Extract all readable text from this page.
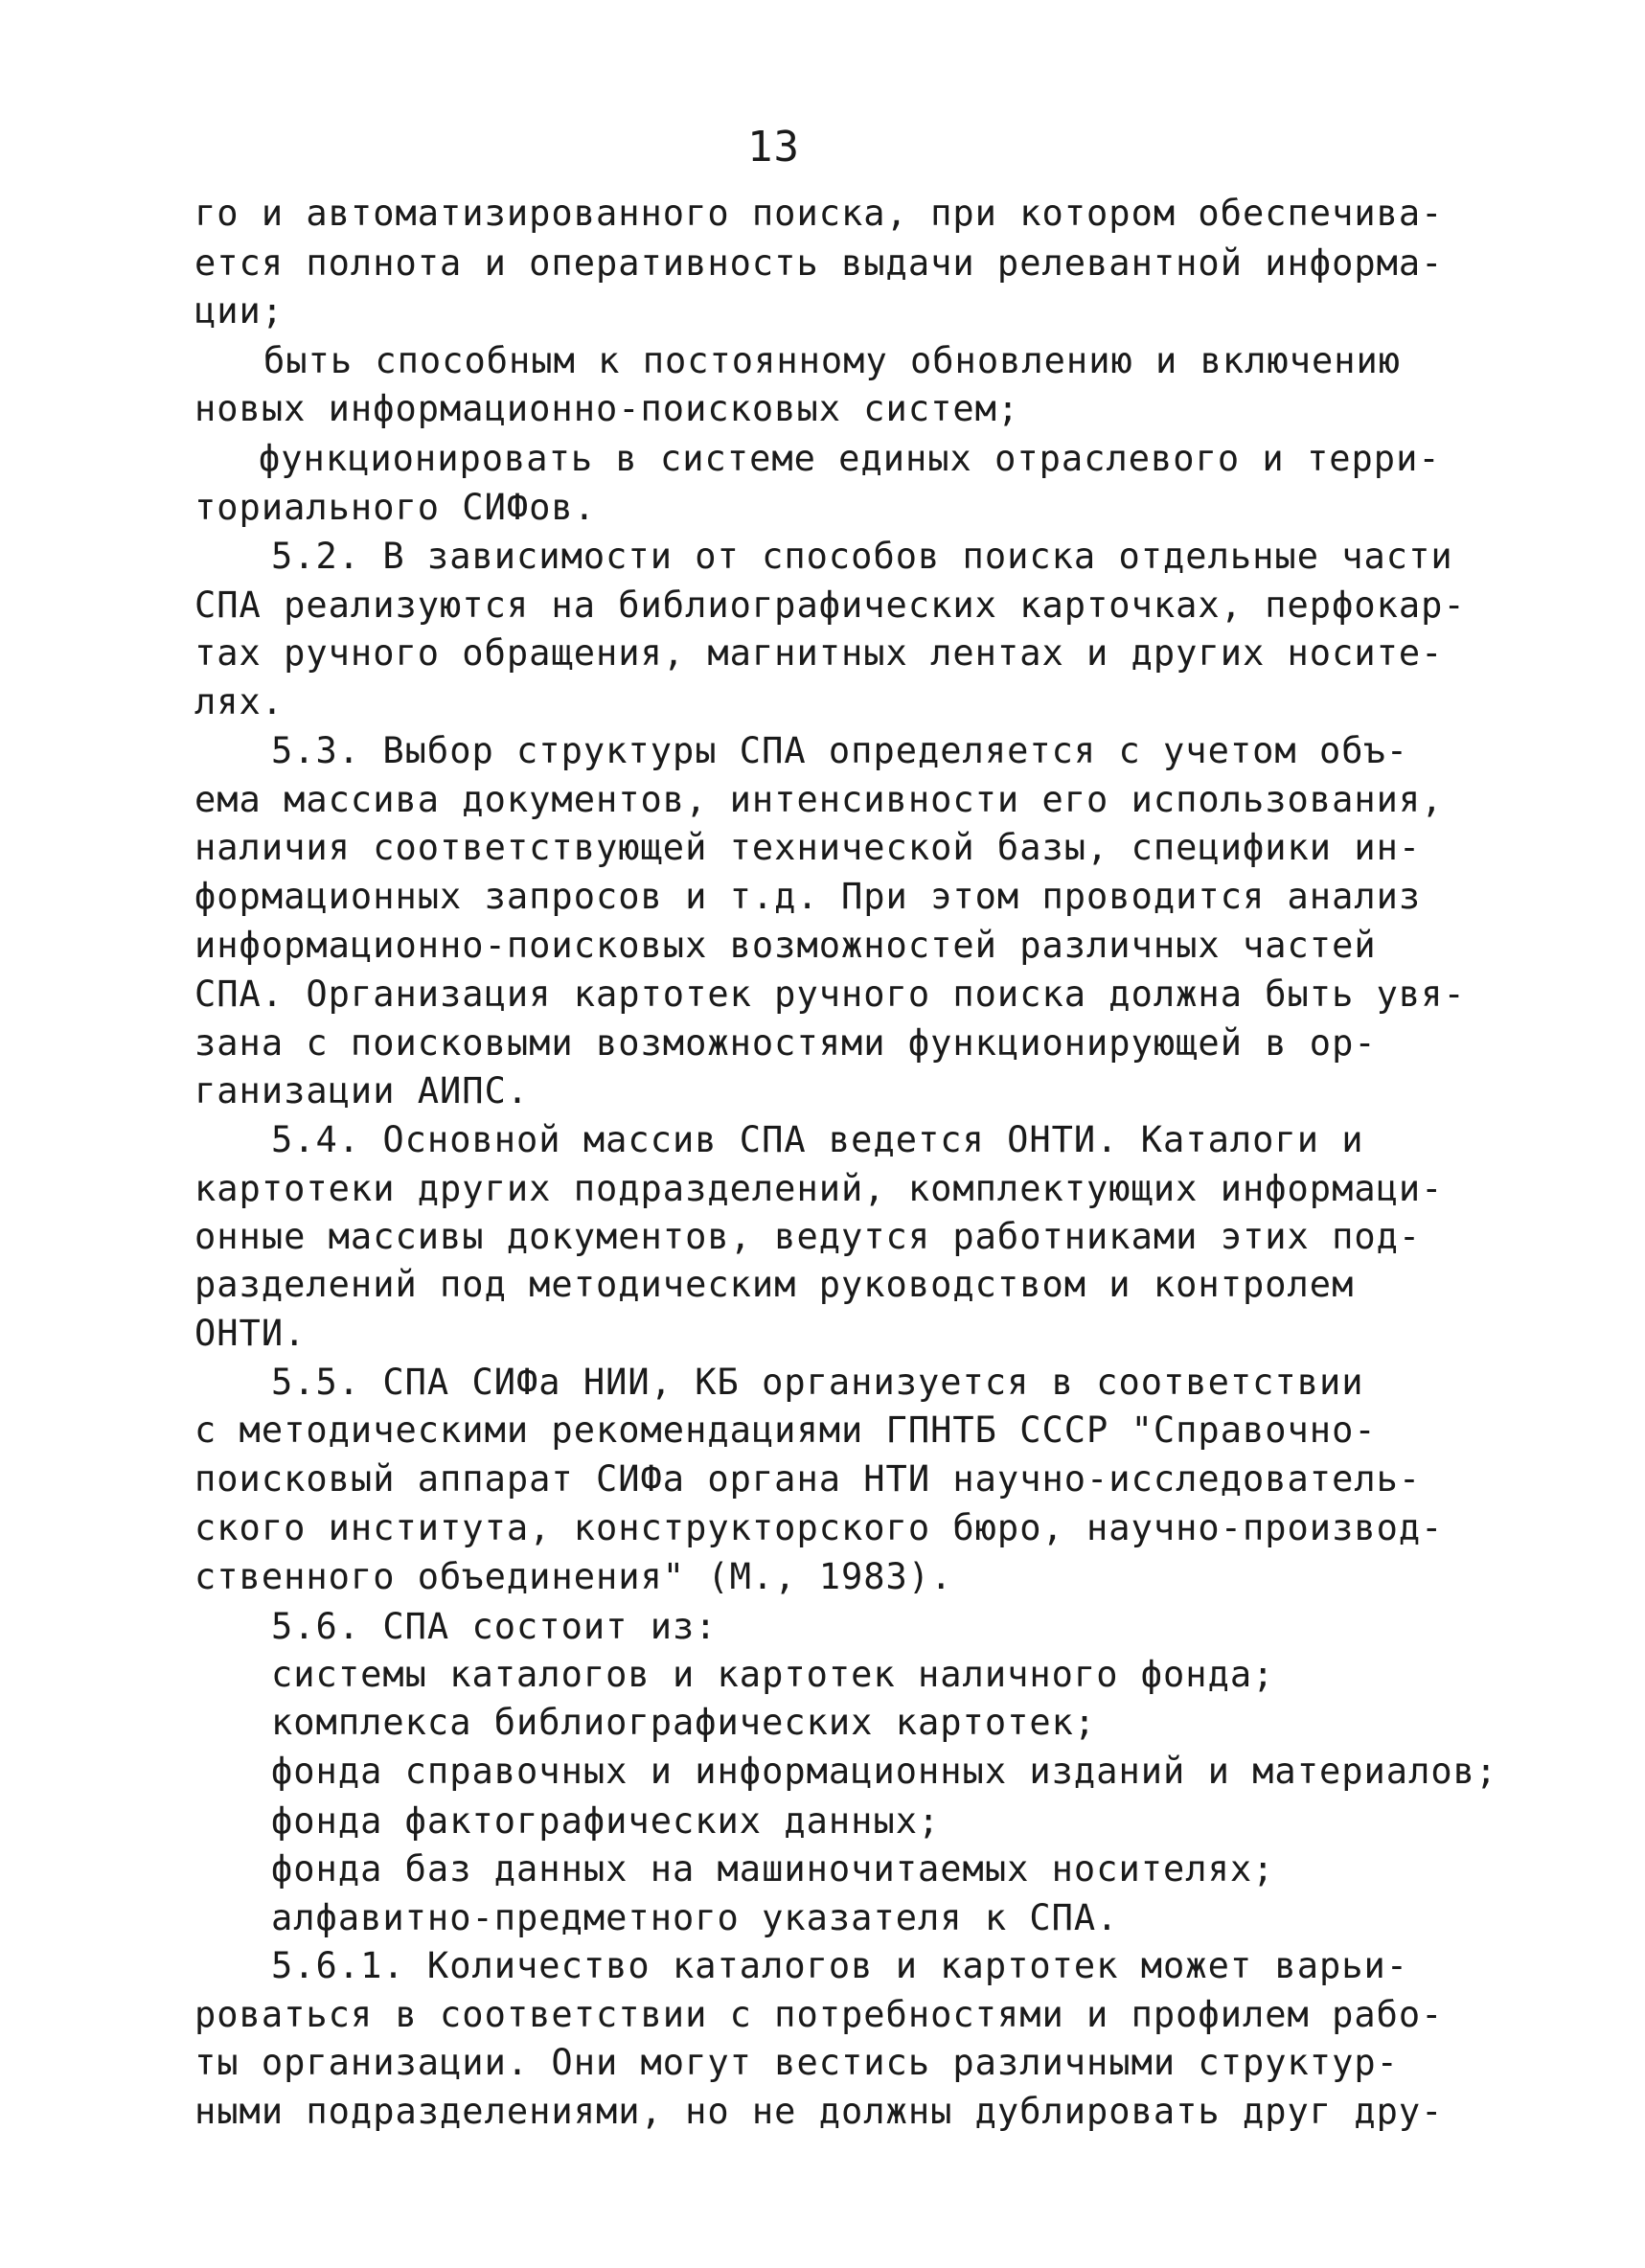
13
го и автоматизированного поиска, при котором обеспечива-
ется полнота и оперативность выдачи релевантной информа-
ции;
быть способным к постоянному обновлению и включению
новых информационно-поисковых систем;
функционировать в системе единых отраслевого и терри-
ториального СИФов.
5.2. В зависимости от способов поиска отдельные части
СПА реализуются на библиографических карточках, перфокар-
тах ручного обращения, магнитных лентах и других носите-
лях.
5.3. Выбор структуры СПА определяется с учетом объ-
ема массива документов, интенсивности его использования,
наличия соответствующей технической базы, специфики ин-
формационных запросов и т.д. При этом проводится анализ
информационно-поисковых возможностей различных частей
СПА. Организация картотек ручного поиска должна быть увя-
зана с поисковыми возможностями функционирующей в ор-
ганизации АИПС.
5.4. Основной массив СПА ведется ОНТИ. Каталоги и
картотеки других подразделений, комплектующих информаци-
онные массивы документов, ведутся работниками этих под-
разделений под методическим руководством и контролем
ОНТИ.
5.5. СПА СИФа НИИ, КБ организуется в соответствии
с методическими рекомендациями ГПНТБ СССР "Справочно-
поисковый аппарат СИФа органа НТИ научно-исследователь-
ского института, конструкторского бюро, научно-производ-
ственного объединения" (М., 1983).
5.6. СПА состоит из:
системы каталогов и картотек наличного фонда;
комплекса библиографических картотек;
фонда справочных и информационных изданий и материалов;
фонда фактографических данных;
фонда баз данных на машиночитаемых носителях;
алфавитно-предметного указателя к СПА.
5.6.1. Количество каталогов и картотек может варьи-
роваться в соответствии с потребностями и профилем рабо-
ты организации. Они могут вестись различными структур-
ными подразделениями, но не должны дублировать друг дру-
